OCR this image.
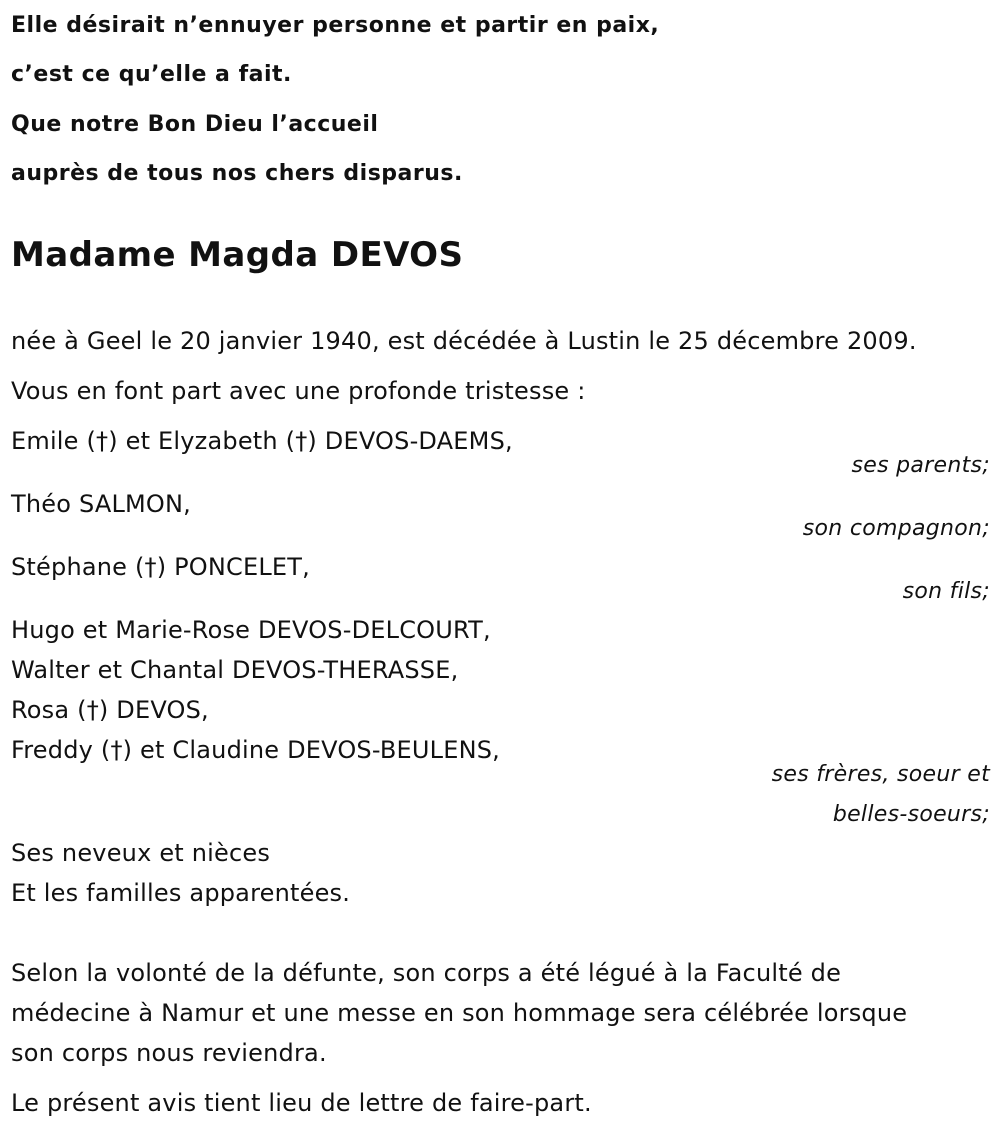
Elle désirait n’ennuyer personne et partir en paix,
c’est ce qu’elle a fait.
Que notre Bon Dieu l’accueil
auprès de tous nos chers disparus.
Madame Magda DEVOS
née à Geel le 20 janvier 1940, est décédée à Lustin le 25 décembre 2009.
Vous en font part avec une profonde tristesse :
Emile (†) et Elyzabeth (†) DEVOS-DAEMS,
ses parents;
Théo SALMON,
son compagnon;
Stéphane (†) PONCELET,
son fils;
Hugo et Marie-Rose DEVOS-DELCOURT,
Walter et Chantal DEVOS-THERASSE,
Rosa (†) DEVOS,
Freddy (†) et Claudine DEVOS-BEULENS,
ses frères, soeur et
belles-soeurs;
Ses neveux et nièces
Et les familles apparentées.
Selon la volonté de la défunte, son corps a été légué à la Faculté de
médecine à Namur et une messe en son hommage sera célébrée lorsque
son corps nous reviendra.
Le présent avis tient lieu de lettre de faire-part.
